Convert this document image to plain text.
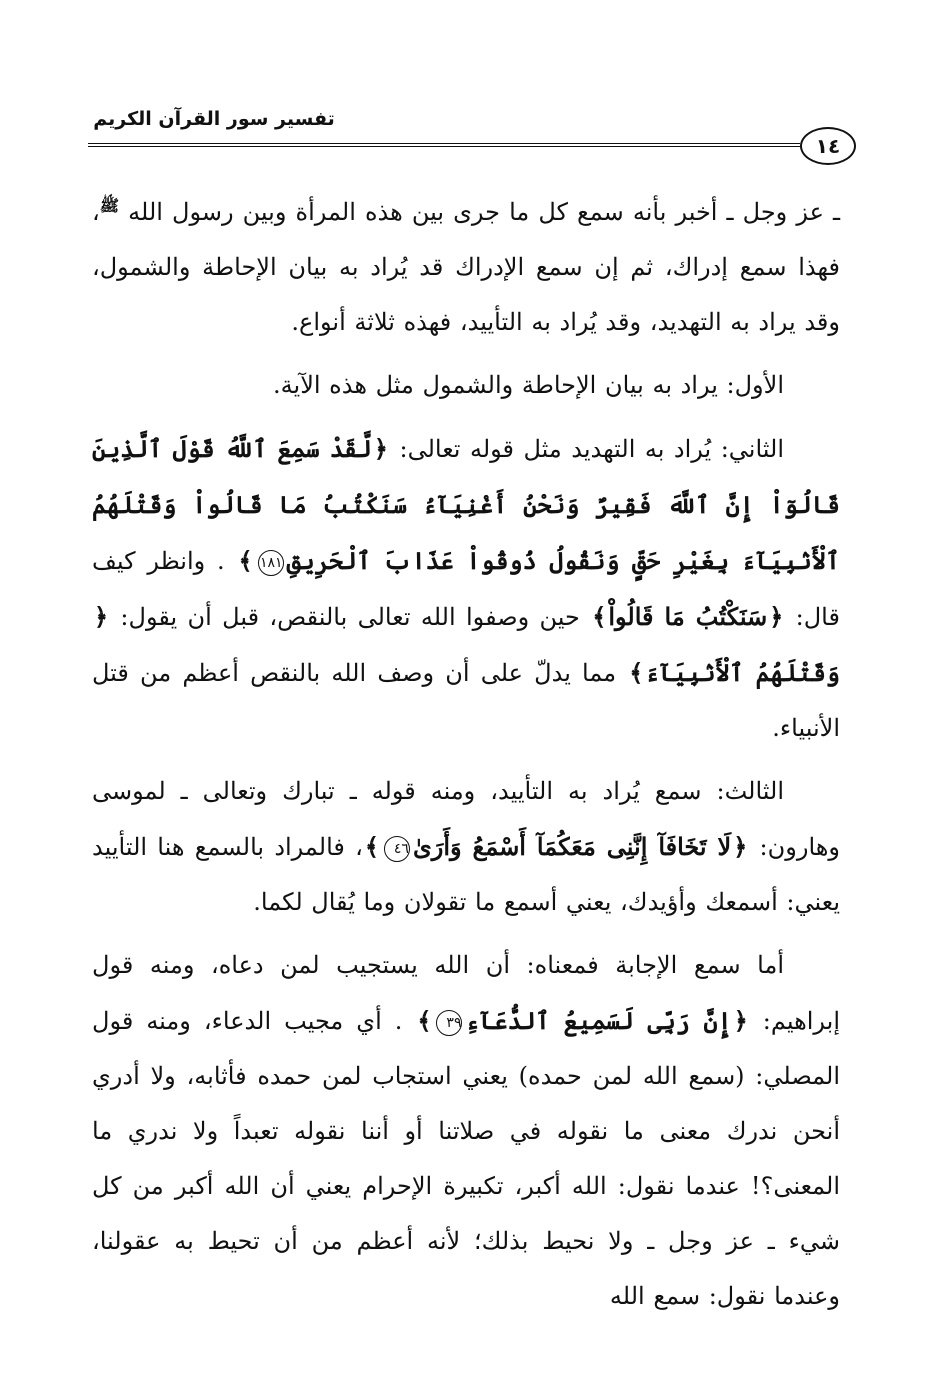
تفسير سور القرآن الكريم
١٤

ـ عز وجل ـ أخبر بأنه سمع كل ما جرى بين هذه المرأة وبين رسول الله $^ﷺ$، فهذا سمع إدراك، ثم إن سمع الإدراك قد يُراد به بيان الإحاطة والشمول، وقد يراد به التهديد، وقد يُراد به التأييد، فهذه ثلاثة أنواع.

الأول: يراد به بيان الإحاطة والشمول مثل هذه الآية.

الثاني: يُراد به التهديد مثل قوله تعالى: ﴿لَّقَدْ سَمِعَ ٱللَّهُ قَوْلَ ٱلَّذِينَ قَالُوٓاْ إِنَّ ٱللَّهَ فَقِيرٌ وَنَحْنُ أَغْنِيَآءُ سَنَكْتُبُ مَا قَالُواْ وَقَتْلَهُمُ ٱلْأَنۢبِيَآءَ بِغَيْرِ حَقٍّ وَنَقُولُ ذُوقُواْ عَذَابَ ٱلْحَرِيقِ١٨١﴾ . وانظر كيف قال: ﴿سَنَكْتُبُ مَا قَالُواْ﴾ حين وصفوا الله تعالى بالنقص، قبل أن يقول: ﴿وَقَتْلَهُمُ ٱلْأَنۢبِيَآءَ﴾ مما يدلّ على أن وصف الله بالنقص أعظم من قتل الأنبياء.

الثالث: سمع يُراد به التأييد، ومنه قوله ـ تبارك وتعالى ـ لموسى وهارون: ﴿لَا تَخَافَآ إِنَّنِى مَعَكُمَآ أَسْمَعُ وَأَرَىٰ٤٦﴾، فالمراد بالسمع هنا التأييد يعني: أسمعك وأؤيدك، يعني أسمع ما تقولان وما يُقال لكما.

أما سمع الإجابة فمعناه: أن الله يستجيب لمن دعاه، ومنه قول إبراهيم: ﴿إِنَّ رَبِّى لَسَمِيعُ ٱلدُّعَآءِ٣٩﴾ . أي مجيب الدعاء، ومنه قول المصلي: (سمع الله لمن حمده) يعني استجاب لمن حمده فأثابه، ولا أدري أنحن ندرك معنى ما نقوله في صلاتنا أو أننا نقوله تعبداً ولا ندري ما المعنى؟! عندما نقول: الله أكبر، تكبيرة الإحرام يعني أن الله أكبر من كل شيء ـ عز وجل ـ ولا نحيط بذلك؛ لأنه أعظم من أن تحيط به عقولنا، وعندما نقول: سمع الله
